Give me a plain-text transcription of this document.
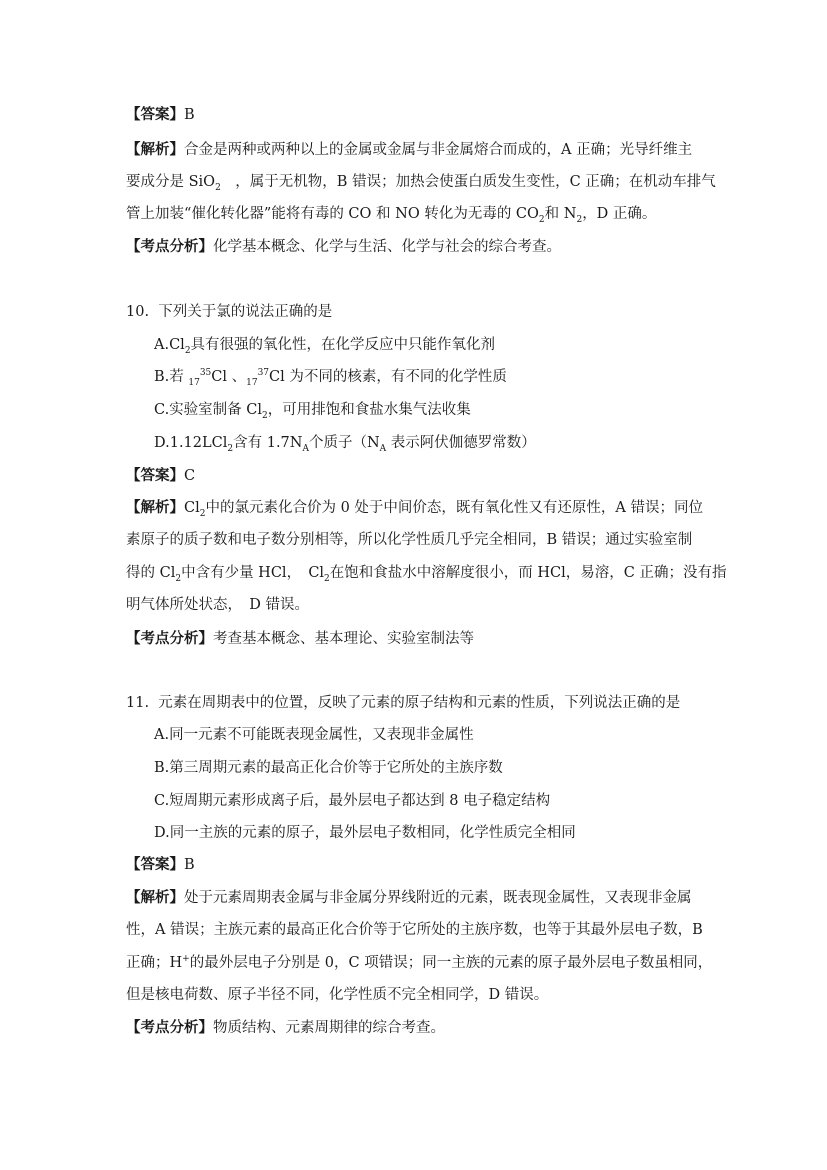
【答案】B
【解析】合金是两种或两种以上的金属或金属与非金属熔合而成的，A 正确；光导纤维主
要成分是 SiO$_2$　，属于无机物，B 错误；加热会使蛋白质发生变性，C 正确；在机动车排气
管上加装“催化转化器”能将有毒的 CO 和 NO 转化为无毒的 $CO_2$和 $N_2$，D 正确。
【考点分析】化学基本概念、化学与生活、化学与社会的综合考查。
10. 下列关于氯的说法正确的是
$A.Cl_2$具有很强的氧化性，在化学反应中只能作氧化剂
B.若 $_{17}^{35}$Cl 、$_{17}^{37}$Cl 为不同的核素，有不同的化学性质
C.实验室制备 $Cl_2$，可用排饱和食盐水集气法收集
D.1.12LCl$_2$含有 $1.7N_A$个质子（$N_A$ 表示阿伏伽德罗常数）
【答案】C
【解析】$Cl_2$中的氯元素化合价为 0 处于中间价态，既有氧化性又有还原性，A 错误；同位
素原子的质子数和电子数分别相等，所以化学性质几乎完全相同，B 错误；通过实验室制
得的 $Cl_2$中含有少量 HCl，　$Cl_2$在饱和食盐水中溶解度很小，而 HCl，易溶，C 正确；没有指
明气体所处状态，　D 错误。
【考点分析】考查基本概念、基本理论、实验室制法等
11. 元素在周期表中的位置，反映了元素的原子结构和元素的性质，下列说法正确的是
A.同一元素不可能既表现金属性，又表现非金属性
B.第三周期元素的最高正化合价等于它所处的主族序数
C.短周期元素形成离子后，最外层电子都达到 8 电子稳定结构
D.同一主族的元素的原子，最外层电子数相同，化学性质完全相同
【答案】B
【解析】处于元素周期表金属与非金属分界线附近的元素，既表现金属性，又表现非金属
性，A 错误；主族元素的最高正化合价等于它所处的主族序数，也等于其最外层电子数，B
正确；H+的最外层电子分别是 0，C 项错误；同一主族的元素的原子最外层电子数虽相同，
但是核电荷数、原子半径不同，化学性质不完全相同学，D 错误。
【考点分析】物质结构、元素周期律的综合考查。
